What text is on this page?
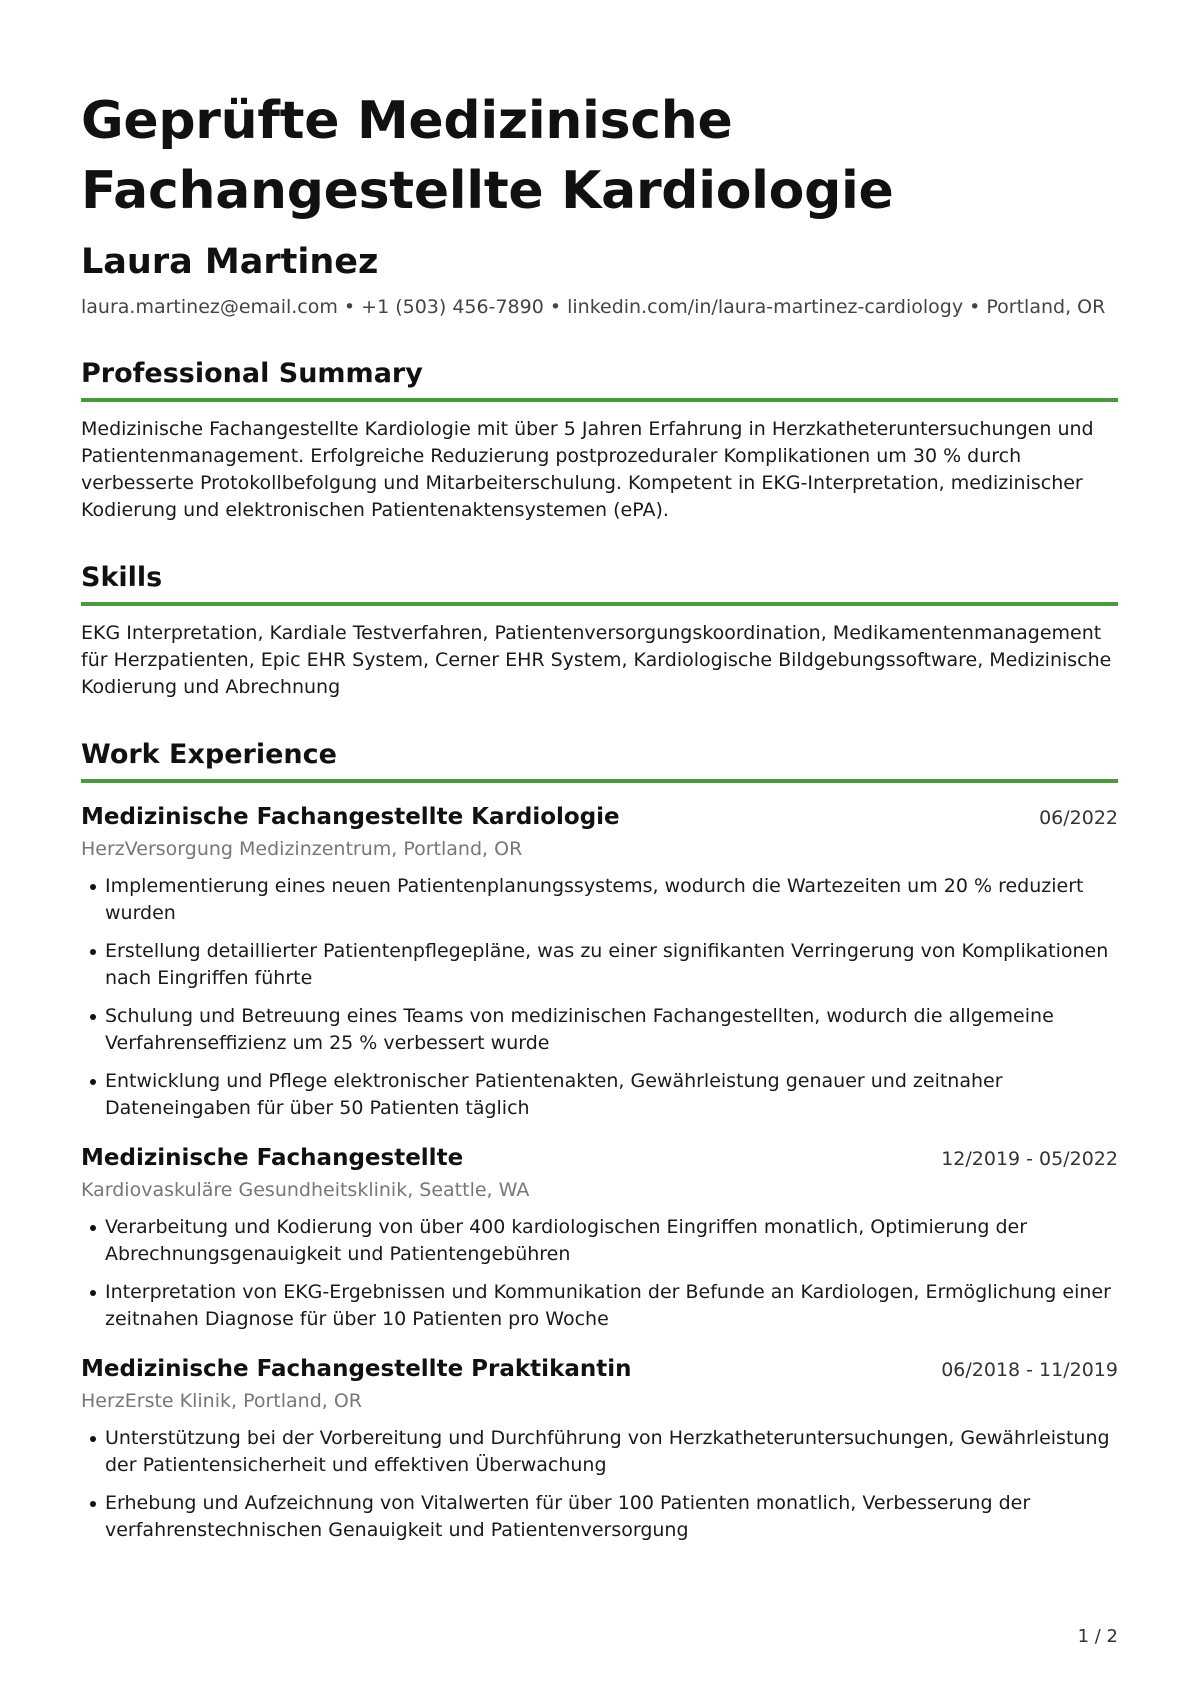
Geprüfte Medizinische Fachangestellte Kardiologie
Laura Martinez
laura.martinez@email.com • +1 (503) 456-7890 • linkedin.com/in/laura-martinez-cardiology • Portland, OR
Professional Summary
Medizinische Fachangestellte Kardiologie mit über 5 Jahren Erfahrung in Herzkatheteruntersuchungen und Patientenmanagement. Erfolgreiche Reduzierung postprozeduraler Komplikationen um 30 % durch verbesserte Protokollbefolgung und Mitarbeiterschulung. Kompetent in EKG-Interpretation, medizinischer Kodierung und elektronischen Patientenaktensystemen (ePA).
Skills
EKG Interpretation, Kardiale Testverfahren, Patientenversorgungskoordination, Medikamentenmanagement für Herzpatienten, Epic EHR System, Cerner EHR System, Kardiologische Bildgebungssoftware, Medizinische Kodierung und Abrechnung
Work Experience
Medizinische Fachangestellte Kardiologie	06/2022
HerzVersorgung Medizinzentrum, Portland, OR
Implementierung eines neuen Patientenplanungssystems, wodurch die Wartezeiten um 20 % reduziert wurden
Erstellung detaillierter Patientenpflegepläne, was zu einer signifikanten Verringerung von Komplikationen nach Eingriffen führte
Schulung und Betreuung eines Teams von medizinischen Fachangestellten, wodurch die allgemeine Verfahrenseffizienz um 25 % verbessert wurde
Entwicklung und Pflege elektronischer Patientenakten, Gewährleistung genauer und zeitnaher Dateneingaben für über 50 Patienten täglich
Medizinische Fachangestellte	12/2019 - 05/2022
Kardiovaskuläre Gesundheitsklinik, Seattle, WA
Verarbeitung und Kodierung von über 400 kardiologischen Eingriffen monatlich, Optimierung der Abrechnungsgenauigkeit und Patientengebühren
Interpretation von EKG-Ergebnissen und Kommunikation der Befunde an Kardiologen, Ermöglichung einer zeitnahen Diagnose für über 10 Patienten pro Woche
Medizinische Fachangestellte Praktikantin	06/2018 - 11/2019
HerzErste Klinik, Portland, OR
Unterstützung bei der Vorbereitung und Durchführung von Herzkatheteruntersuchungen, Gewährleistung der Patientensicherheit und effektiven Überwachung
Erhebung und Aufzeichnung von Vitalwerten für über 100 Patienten monatlich, Verbesserung der verfahrenstechnischen Genauigkeit und Patientenversorgung
1 / 2
